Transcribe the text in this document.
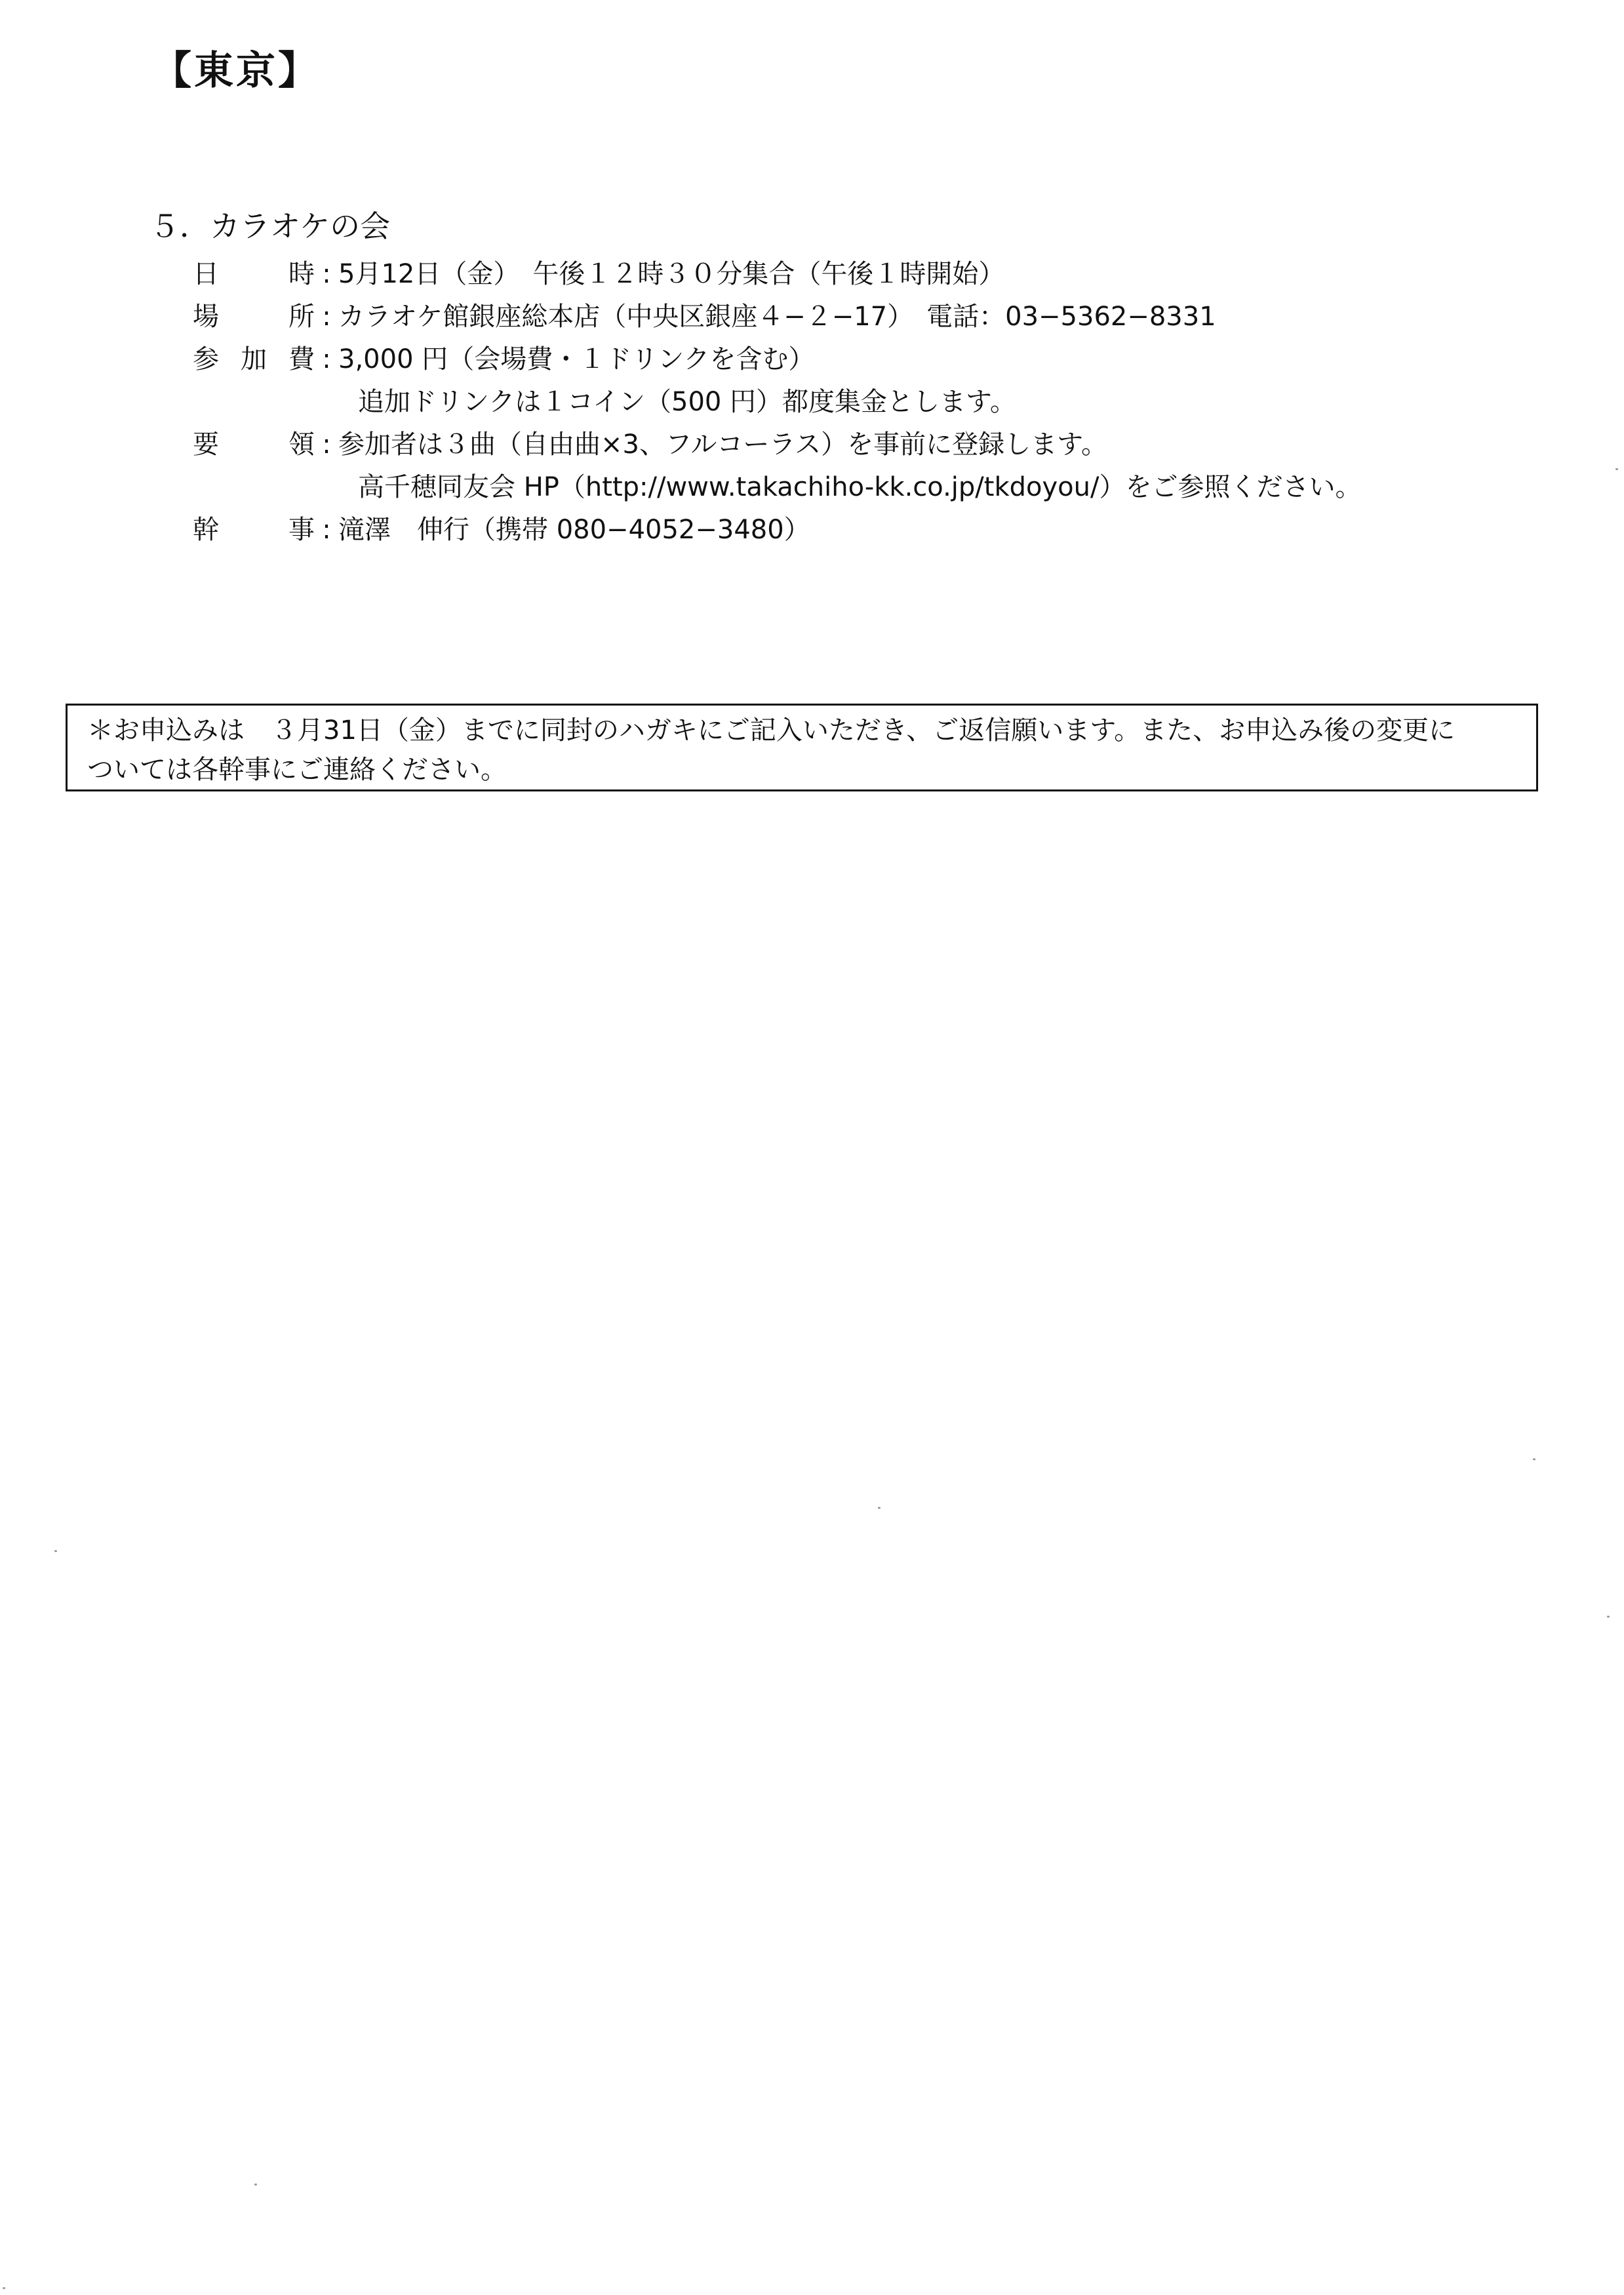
【東京】
５．カラオケの会
日時 : 5月12日（金）　午後１２時３０分集合（午後１時開始）
場所 : カラオケ館銀座総本店（中央区銀座４−２−17）　電話：03−5362−8331
参加費 : 3,000 円（会場費・１ドリンクを含む）
追加ドリンクは１コイン（500 円）都度集金とします。
要領 : 参加者は３曲（自由曲×3、フルコーラス）を事前に登録します。
高千穂同友会 HP（http://www.takachiho-kk.co.jp/tkdoyou/）をご参照ください。
幹事 : 滝澤　伸行（携帯 080−4052−3480）
＊お申込みは　３月31日（金）までに同封のハガキにご記入いただき、ご返信願います。また、お申込み後の変更に
ついては各幹事にご連絡ください。
